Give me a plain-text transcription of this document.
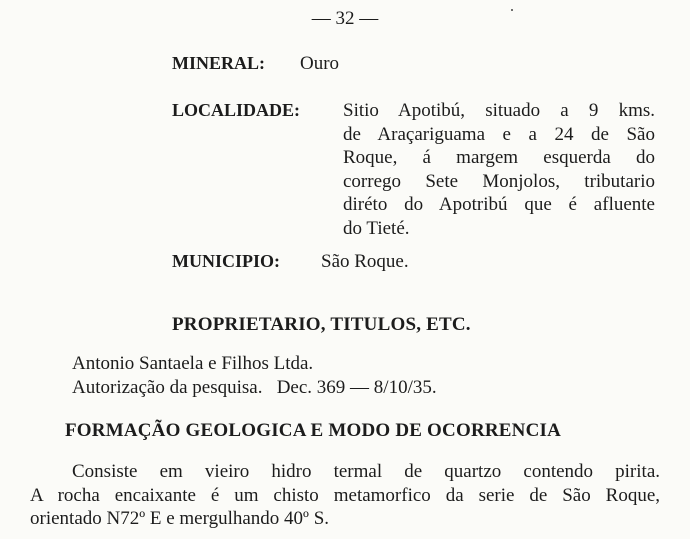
— 32 —
MINERAL: Ouro
LOCALIDADE: Sitio Apotibú, situado a 9 kms.
de Araçariguama e a 24 de São
Roque, á margem esquerda do
corrego Sete Monjolos, tributario
diréto do Apotribú que é afluente
do Tieté.
MUNICIPIO: São Roque.
PROPRIETARIO, TITULOS, ETC.
Antonio Santaela e Filhos Ltda.
Autorização da pesquisa.   Dec. 369 — 8/10/35.
FORMAÇÃO GEOLOGICA E MODO DE OCORRENCIA
Consiste em vieiro hidro termal de quartzo contendo pirita.
A rocha encaixante é um chisto metamorfico da serie de São Roque,
orientado N72º E e mergulhando 40º S.
